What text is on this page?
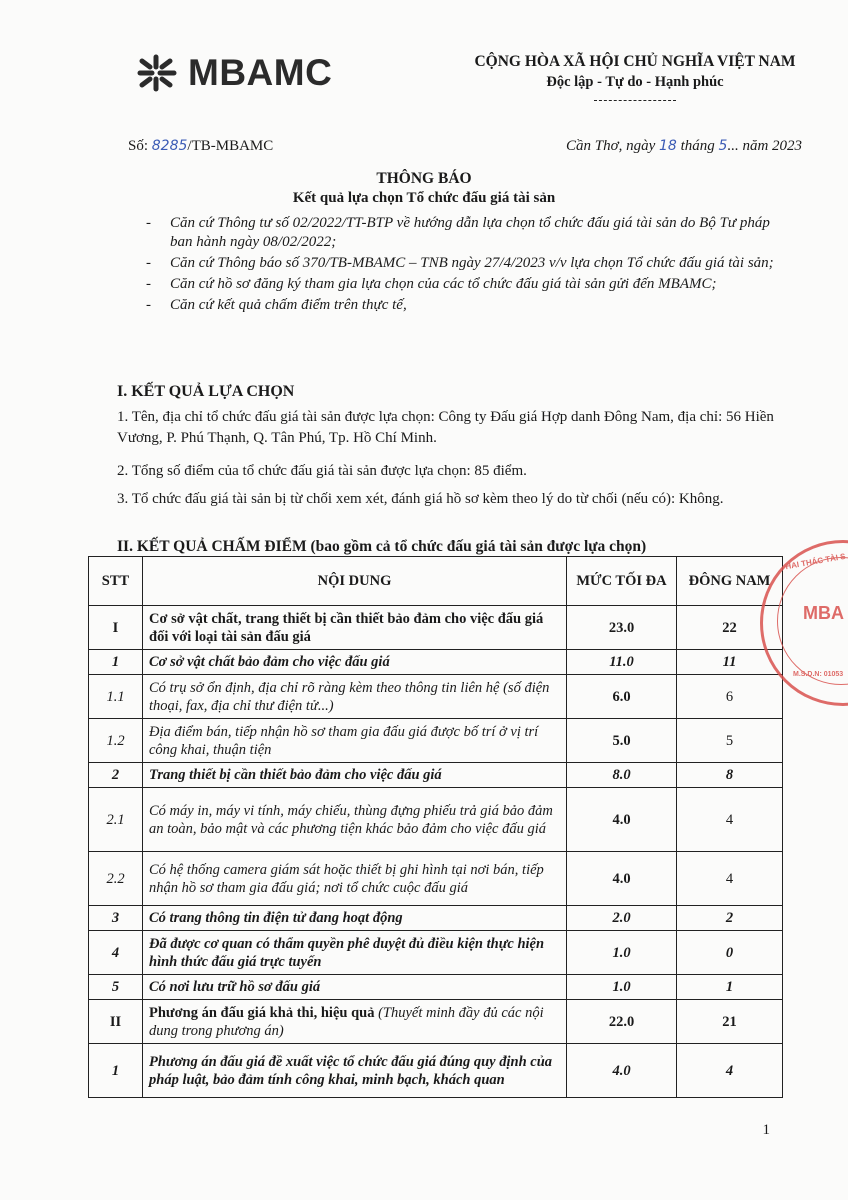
MBAMC	CỘNG HÒA XÃ HỘI CHỦ NGHĨA VIỆT NAM
Độc lập - Tự do - Hạnh phúc
Số: 8285/TB-MBAMC	Cần Thơ, ngày 18 tháng 5... năm 2023
THÔNG BÁO
Kết quả lựa chọn Tổ chức đấu giá tài sản
- Căn cứ Thông tư số 02/2022/TT-BTP về hướng dẫn lựa chọn tổ chức đấu giá tài sản do Bộ Tư pháp ban hành ngày 08/02/2022;
- Căn cứ Thông báo số 370/TB-MBAMC – TNB ngày 27/4/2023 v/v lựa chọn Tổ chức đấu giá tài sản;
- Căn cứ hồ sơ đăng ký tham gia lựa chọn của các tổ chức đấu giá tài sản gửi đến MBAMC;
- Căn cứ kết quả chấm điểm trên thực tế,
I. KẾT QUẢ LỰA CHỌN
1. Tên, địa chỉ tổ chức đấu giá tài sản được lựa chọn: Công ty Đấu giá Hợp danh Đông Nam, địa chỉ: 56 Hiền Vương, P. Phú Thạnh, Q. Tân Phú, Tp. Hồ Chí Minh.
2. Tổng số điểm của tổ chức đấu giá tài sản được lựa chọn: 85 điểm.
3. Tổ chức đấu giá tài sản bị từ chối xem xét, đánh giá hồ sơ kèm theo lý do từ chối (nếu có): Không.
II. KẾT QUẢ CHẤM ĐIỂM (bao gồm cả tổ chức đấu giá tài sản được lựa chọn)
STT	NỘI DUNG	MỨC TỐI ĐA	ĐÔNG NAM
I	Cơ sở vật chất, trang thiết bị cần thiết bảo đảm cho việc đấu giá đối với loại tài sản đấu giá	23.0	22
1	Cơ sở vật chất bảo đảm cho việc đấu giá	11.0	11
1.1	Có trụ sở ổn định, địa chỉ rõ ràng kèm theo thông tin liên hệ (số điện thoại, fax, địa chỉ thư điện tử...)	6.0	6
1.2	Địa điểm bán, tiếp nhận hồ sơ tham gia đấu giá được bố trí ở vị trí công khai, thuận tiện	5.0	5
2	Trang thiết bị cần thiết bảo đảm cho việc đấu giá	8.0	8
2.1	Có máy in, máy vi tính, máy chiếu, thùng đựng phiếu trả giá bảo đảm an toàn, bảo mật và các phương tiện khác bảo đảm cho việc đấu giá	4.0	4
2.2	Có hệ thống camera giám sát hoặc thiết bị ghi hình tại nơi bán, tiếp nhận hồ sơ tham gia đấu giá; nơi tổ chức cuộc đấu giá	4.0	4
3	Có trang thông tin điện tử đang hoạt động	2.0	2
4	Đã được cơ quan có thẩm quyền phê duyệt đủ điều kiện thực hiện hình thức đấu giá trực tuyến	1.0	0
5	Có nơi lưu trữ hồ sơ đấu giá	1.0	1
II	Phương án đấu giá khả thi, hiệu quả (Thuyết minh đầy đủ các nội dung trong phương án)	22.0	21
1	Phương án đấu giá đề xuất việc tổ chức đấu giá đúng quy định của pháp luật, bảo đảm tính công khai, minh bạch, khách quan	4.0	4
HAI THÁC TÀI S
MBA
M.S.D.N: 01053
1
